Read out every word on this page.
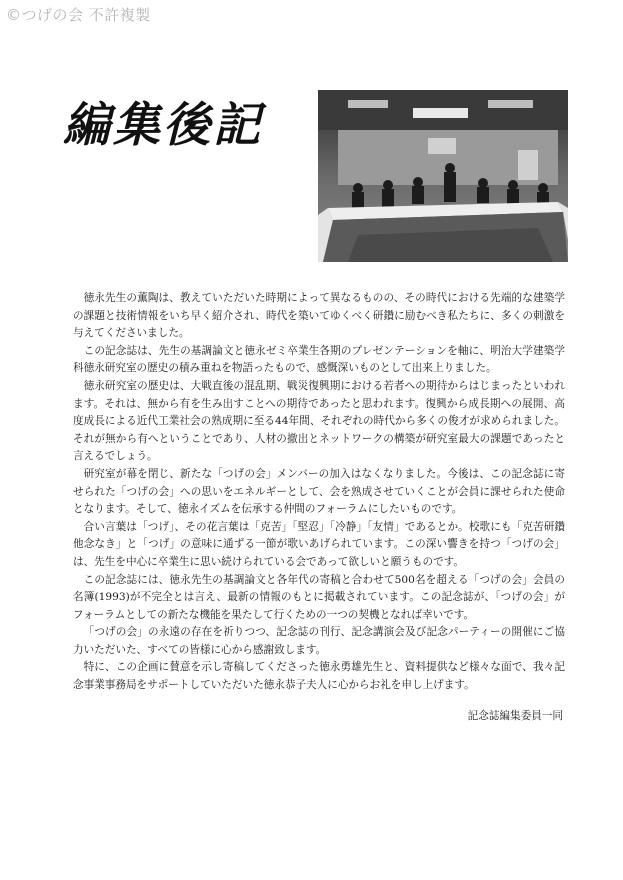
©つげの会 不許複製
編集後記

徳永先生の薫陶は、教えていただいた時期によって異なるものの、その時代における先端的な建築学の課題と技術情報をいち早く紹介され、時代を築いてゆくべく研鑽に励むべき私たちに、多くの刺激を与えてくださいました。

この記念誌は、先生の基調論文と徳永ゼミ卒業生各期のプレゼンテーションを軸に、明治大学建築学科徳永研究室の歴史の積み重ねを物語ったもので、感慨深いものとして出来上りました。

徳永研究室の歴史は、大戦直後の混乱期、戦災復興期における若者への期待からはじまったといわれます。それは、無から有を生み出すことへの期待であったと思われます。復興から成長期への展開、高度成長による近代工業社会の熟成期に至る44年間、それぞれの時代から多くの俊才が求められました。それが無から有へということであり、人材の撤出とネットワークの構築が研究室最大の課題であったと言えるでしょう。

研究室が幕を閉じ、新たな「つげの会」メンバーの加入はなくなりました。今後は、この記念誌に寄せられた「つげの会」への思いをエネルギーとして、会を熟成させていくことが会員に課せられた使命となります。そして、徳永イズムを伝承する仲間のフォーラムにしたいものです。

合い言葉は「つげ」、その花言葉は「克苦」「堅忍」「冷静」「友情」であるとか。校歌にも「克苦研鑽他念なき」と「つげ」の意味に通ずる一節が歌いあげられています。この深い響きを持つ「つげの会」は、先生を中心に卒業生に思い続けられている会であって欲しいと願うものです。

この記念誌には、徳永先生の基調論文と各年代の寄稿と合わせて500名を超える「つげの会」会員の名簿(1993)が不完全とは言え、最新の情報のもとに掲載されています。この記念誌が、「つげの会」がフォーラムとしての新たな機能を果たして行くための一つの契機となれば幸いです。

「つげの会」の永遠の存在を祈りつつ、記念誌の刊行、記念講演会及び記念パーティーの開催にご協力いただいた、すべての皆様に心から感謝致します。

特に、この企画に賛意を示し寄稿してくださった徳永勇雄先生と、資料提供など様々な面で、我々記念事業事務局をサポートしていただいた徳永恭子夫人に心からお礼を申し上げます。

記念誌編集委員一同
